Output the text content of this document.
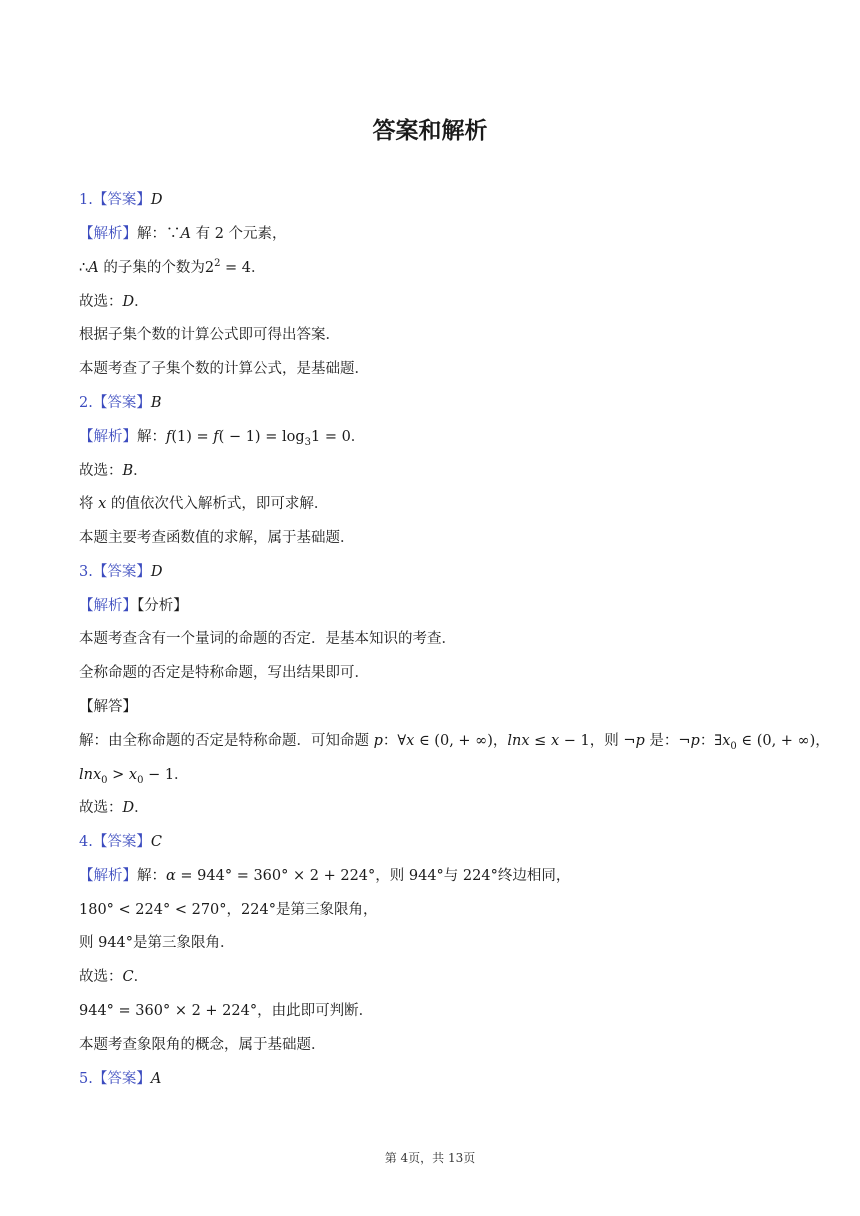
答案和解析
1.【答案】D
【解析】解：∵A 有 2 个元素，
∴A 的子集的个数为$2^2 = 4$．
故选：D．
根据子集个数的计算公式即可得出答案．
本题考查了子集个数的计算公式，是基础题．
2.【答案】B
【解析】解：$f(1) = f( - 1) = \log_31 = 0$．
故选：B．
将 x 的值依次代入解析式，即可求解．
本题主要考查函数值的求解，属于基础题．
3.【答案】D
【解析】【分析】
本题考查含有一个量词的命题的否定．是基本知识的考查．
全称命题的否定是特称命题，写出结果即可．
【解答】
解：由全称命题的否定是特称命题．可知命题 p：∀x ∈ (0, + ∞)，lnx ≤ x − 1，则 ¬p 是：¬p：$\exists x_0$ ∈ (0, + ∞)，
$\ln x_0 > x_0 - 1$．
故选：D．
4.【答案】C
【解析】解：α = 944° = 360° × 2 + 224°，则 944°与 224°终边相同，
180° < 224° < 270°，224°是第三象限角，
则 944°是第三象限角．
故选：C．
944° = 360° × 2 + 224°，由此即可判断．
本题考查象限角的概念，属于基础题．
5.【答案】A
第 4页，共 13页
